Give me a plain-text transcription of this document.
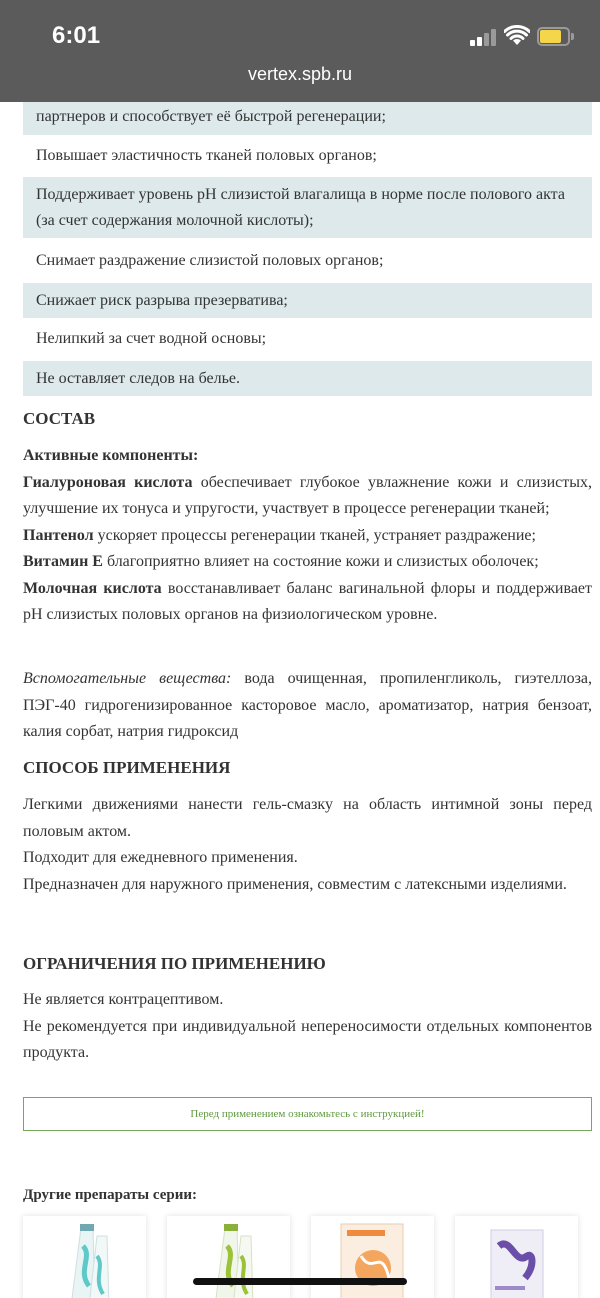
6:01
vertex.spb.ru
партнеров и способствует её быстрой регенерации;
Повышает эластичность тканей половых органов;
Поддерживает уровень рН слизистой влагалища в норме после полового акта (за счет содержания молочной кислоты);
Снимает раздражение слизистой половых органов;
Снижает риск разрыва презерватива;
Нелипкий за счет водной основы;
Не оставляет следов на белье.
СОСТАВ
Активные компоненты:
Гиалуроновая кислота обеспечивает глубокое увлажнение кожи и слизистых, улучшение их тонуса и упругости, участвует в процессе регенерации тканей;
Пантенол ускоряет процессы регенерации тканей, устраняет раздражение;
Витамин Е благоприятно влияет на состояние кожи и слизистых оболочек;
Молочная кислота восстанавливает баланс вагинальной флоры и поддерживает рН слизистых половых органов на физиологическом уровне.
Вспомогательные вещества: вода очищенная, пропиленгликоль, гиэтеллоза, ПЭГ-40 гидрогенизированное касторовое масло, ароматизатор, натрия бензоат, калия сорбат, натрия гидроксид
СПОСОБ ПРИМЕНЕНИЯ
Легкими движениями нанести гель-смазку на область интимной зоны перед половым актом.
Подходит для ежедневного применения.
Предназначен для наружного применения, совместим с латексными изделиями.
ОГРАНИЧЕНИЯ ПО ПРИМЕНЕНИЮ
Не является контрацептивом.
Не рекомендуется при индивидуальной непереносимости отдельных компонентов продукта.
Перед применением ознакомьтесь с инструкцией!
Другие препараты серии:
